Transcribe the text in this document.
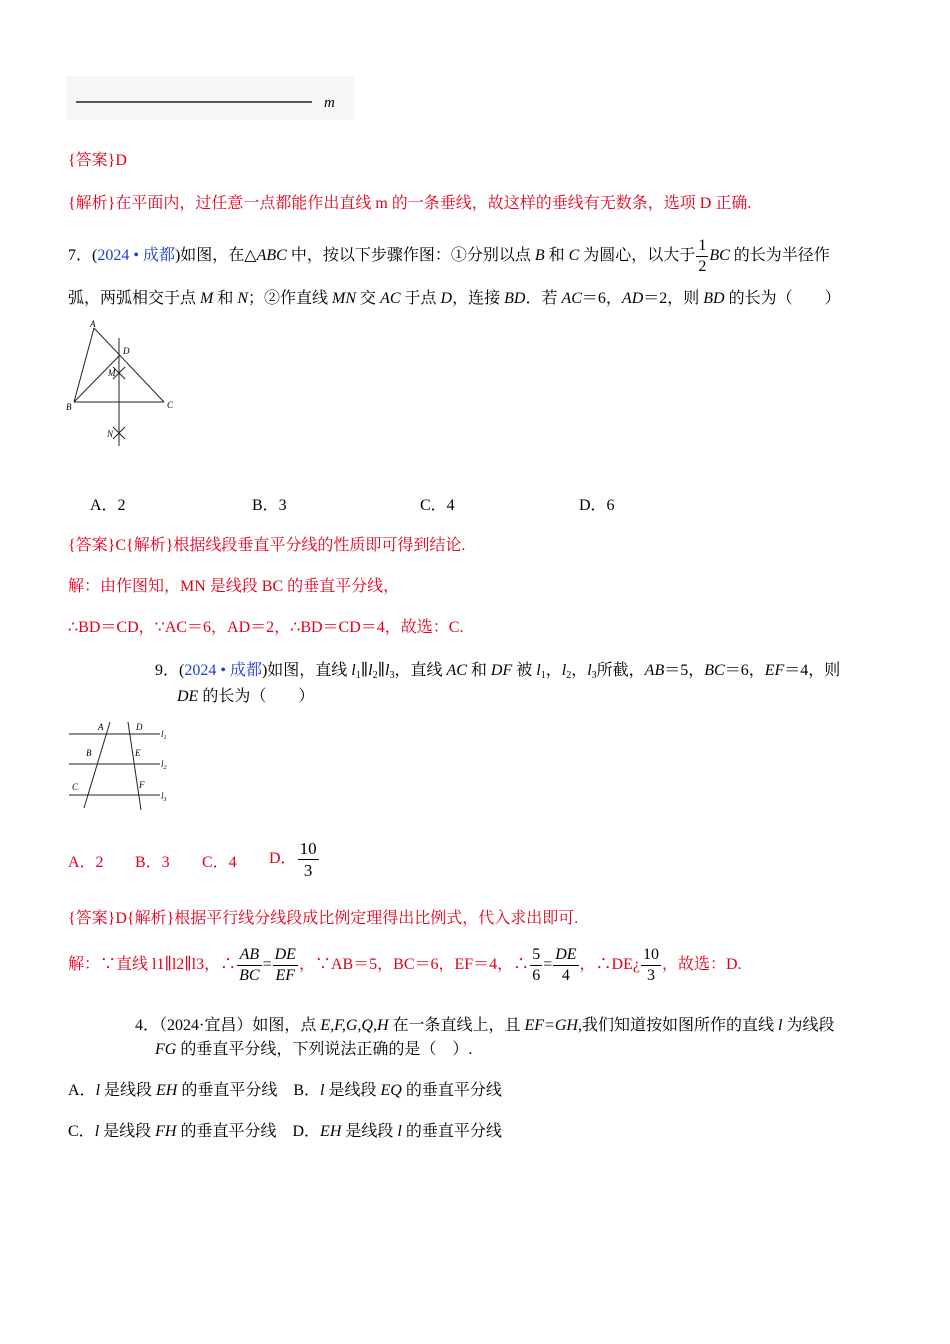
m
{答案}D
{解析}在平面内，过任意一点都能作出直线 m 的一条垂线，故这样的垂线有无数条，选项 D 正确.
7．(2024 • 成都)如图，在△ABC 中，按以下步骤作图：①分别以点 B 和 C 为圆心，以大于 $\frac{1}{2}$ BC 的长为半径作
弧，两弧相交于点 M 和 N；②作直线 MN 交 AC 于点 D，连接 BD．若 AC＝6，AD＝2，则 BD 的长为（　　）
A
B	C
D
M
N
A．2	B．3	C．4	D．6
{答案}C{解析}根据线段垂直平分线的性质即可得到结论.
解：由作图知，MN 是线段 BC 的垂直平分线，
∴BD＝CD，∵AC＝6，AD＝2，∴BD＝CD＝4，故选：C.
9．(2024 • 成都)如图，直线 $l_1\parallel l_2\parallel l_3$，直线 AC 和 DF 被 $l_1$，$l_2$，$l_3$所截，AB＝5，BC＝6，EF＝4，则
DE 的长为（　　）
A	D
B	E
C	F
$l_1$
$l_2$
$l_3$
A．2 B．3 C．4 D． $\frac{10}{3}$
{答案}D{解析}根据平行线分线段成比例定理得出比例式，代入求出即可.
解：∵直线 l1∥l2∥l3，∴ $\frac{AB}{BC} = \frac{DE}{EF}$ ，∵AB＝5，BC＝6，EF＝4，∴ $\frac{5}{6} = \frac{DE}{4}$ ，∴DE¿ $\frac{10}{3}$ ，故选：D.
4．（2024·宜昌）如图，点 E,F,G,Q,H 在一条直线上，且 EF=GH,我们知道按如图所作的直线 l 为线段
FG 的垂直平分线，下列说法正确的是（　）.
A．l 是线段 EH 的垂直平分线　B．l 是线段 EQ 的垂直平分线
C．l 是线段 FH 的垂直平分线　D．EH 是线段 l 的垂直平分线
